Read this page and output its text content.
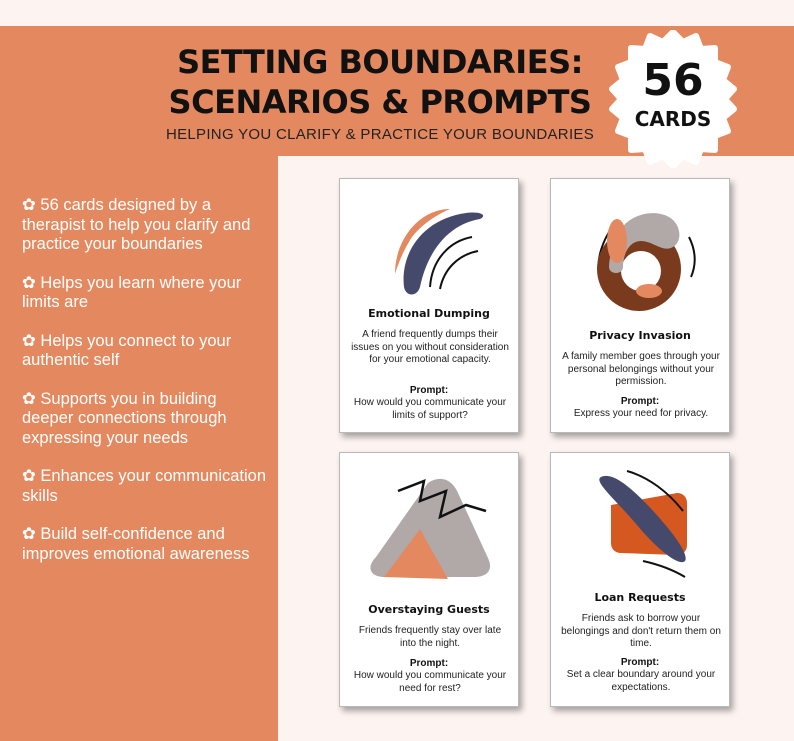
SETTING BOUNDARIES:
SCENARIOS & PROMPTS
HELPING YOU CLARIFY & PRACTICE YOUR BOUNDARIES
56
CARDS
✿ 56 cards designed by a therapist to help you clarify and practice your boundaries
✿ Helps you learn where your limits are
✿ Helps you connect to your authentic self
✿ Supports you in building deeper connections through expressing your needs
✿ Enhances your communication skills
✿ Build self-confidence and improves emotional awareness
Emotional Dumping
A friend frequently dumps their issues on you without consideration for your emotional capacity.
Prompt:
How would you communicate your limits of support?
Privacy Invasion
A family member goes through your personal belongings without your permission.
Prompt:
Express your need for privacy.
Overstaying Guests
Friends frequently stay over late into the night.
Prompt:
How would you communicate your need for rest?
Loan Requests
Friends ask to borrow your belongings and don't return them on time.
Prompt:
Set a clear boundary around your expectations.
